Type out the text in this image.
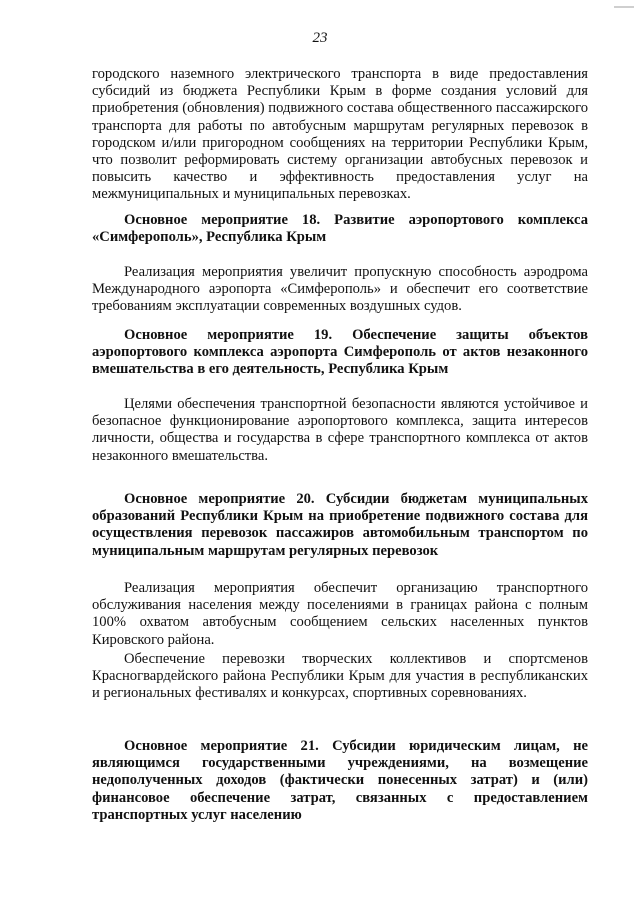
23

городского наземного электрического транспорта в виде предоставления субсидий из бюджета Республики Крым в форме создания условий для приобретения (обновления) подвижного состава общественного пассажирского транспорта для работы по автобусным маршрутам регулярных перевозок в городском и/или пригородном сообщениях на территории Республики Крым, что позволит реформировать систему организации автобусных перевозок и повысить качество и эффективность предоставления услуг на межмуниципальных и муниципальных перевозках.

Основное мероприятие 18. Развитие аэропортового комплекса «Симферополь», Республика Крым

Реализация мероприятия увеличит пропускную способность аэродрома Международного аэропорта «Симферополь» и обеспечит его соответствие требованиям эксплуатации современных воздушных судов.

Основное мероприятие 19. Обеспечение защиты объектов аэропортового комплекса аэропорта Симферополь от актов незаконного вмешательства в его деятельность, Республика Крым

Целями обеспечения транспортной безопасности являются устойчивое и безопасное функционирование аэропортового комплекса, защита интересов личности, общества и государства в сфере транспортного комплекса от актов незаконного вмешательства.

Основное мероприятие 20. Субсидии бюджетам муниципальных образований Республики Крым на приобретение подвижного состава для осуществления перевозок пассажиров автомобильным транспортом по муниципальным маршрутам регулярных перевозок

Реализация мероприятия обеспечит организацию транспортного обслуживания населения между поселениями в границах района с полным 100% охватом автобусным сообщением сельских населенных пунктов Кировского района.

Обеспечение перевозки творческих коллективов и спортсменов Красногвардейского района Республики Крым для участия в республиканских и региональных фестивалях и конкурсах, спортивных соревнованиях.

Основное мероприятие 21. Субсидии юридическим лицам, не являющимся государственными учреждениями, на возмещение недополученных доходов (фактически понесенных затрат) и (или) финансовое обеспечение затрат, связанных с предоставлением транспортных услуг населению
